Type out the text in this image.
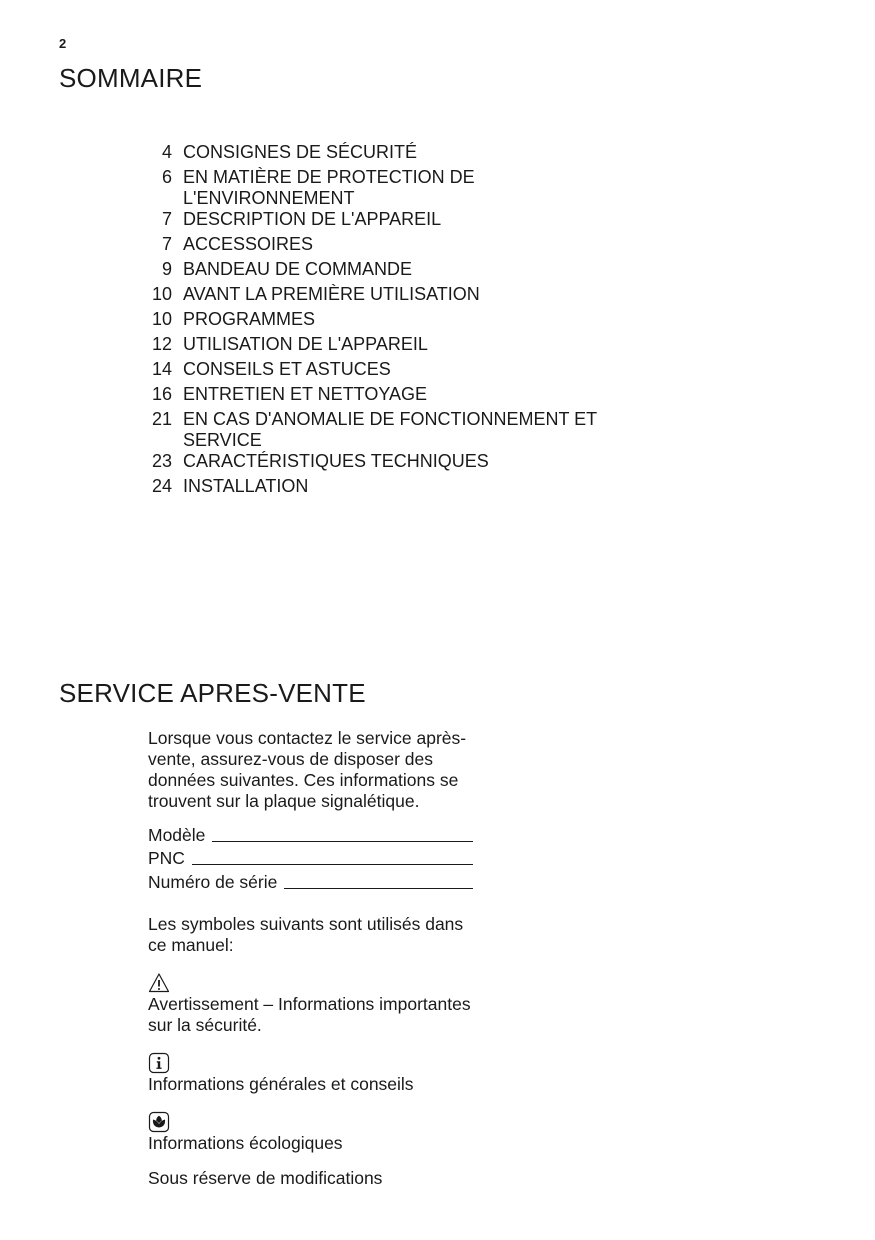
2
SOMMAIRE
4 CONSIGNES DE SÉCURITÉ
6 EN MATIÈRE DE PROTECTION DE L'ENVIRONNEMENT
7 DESCRIPTION DE L'APPAREIL
7 ACCESSOIRES
9 BANDEAU DE COMMANDE
10 AVANT LA PREMIÈRE UTILISATION
10 PROGRAMMES
12 UTILISATION DE L'APPAREIL
14 CONSEILS ET ASTUCES
16 ENTRETIEN ET NETTOYAGE
21 EN CAS D'ANOMALIE DE FONCTIONNEMENT ET SERVICE
23 CARACTÉRISTIQUES TECHNIQUES
24 INSTALLATION
SERVICE APRES-VENTE

Lorsque vous contactez le service après-vente, assurez-vous de disposer des données suivantes. Ces informations se trouvent sur la plaque signalétique.

Modèle
PNC
Numéro de série

Les symboles suivants sont utilisés dans ce manuel:

Avertissement – Informations importantes sur la sécurité.

Informations générales et conseils

Informations écologiques

Sous réserve de modifications
